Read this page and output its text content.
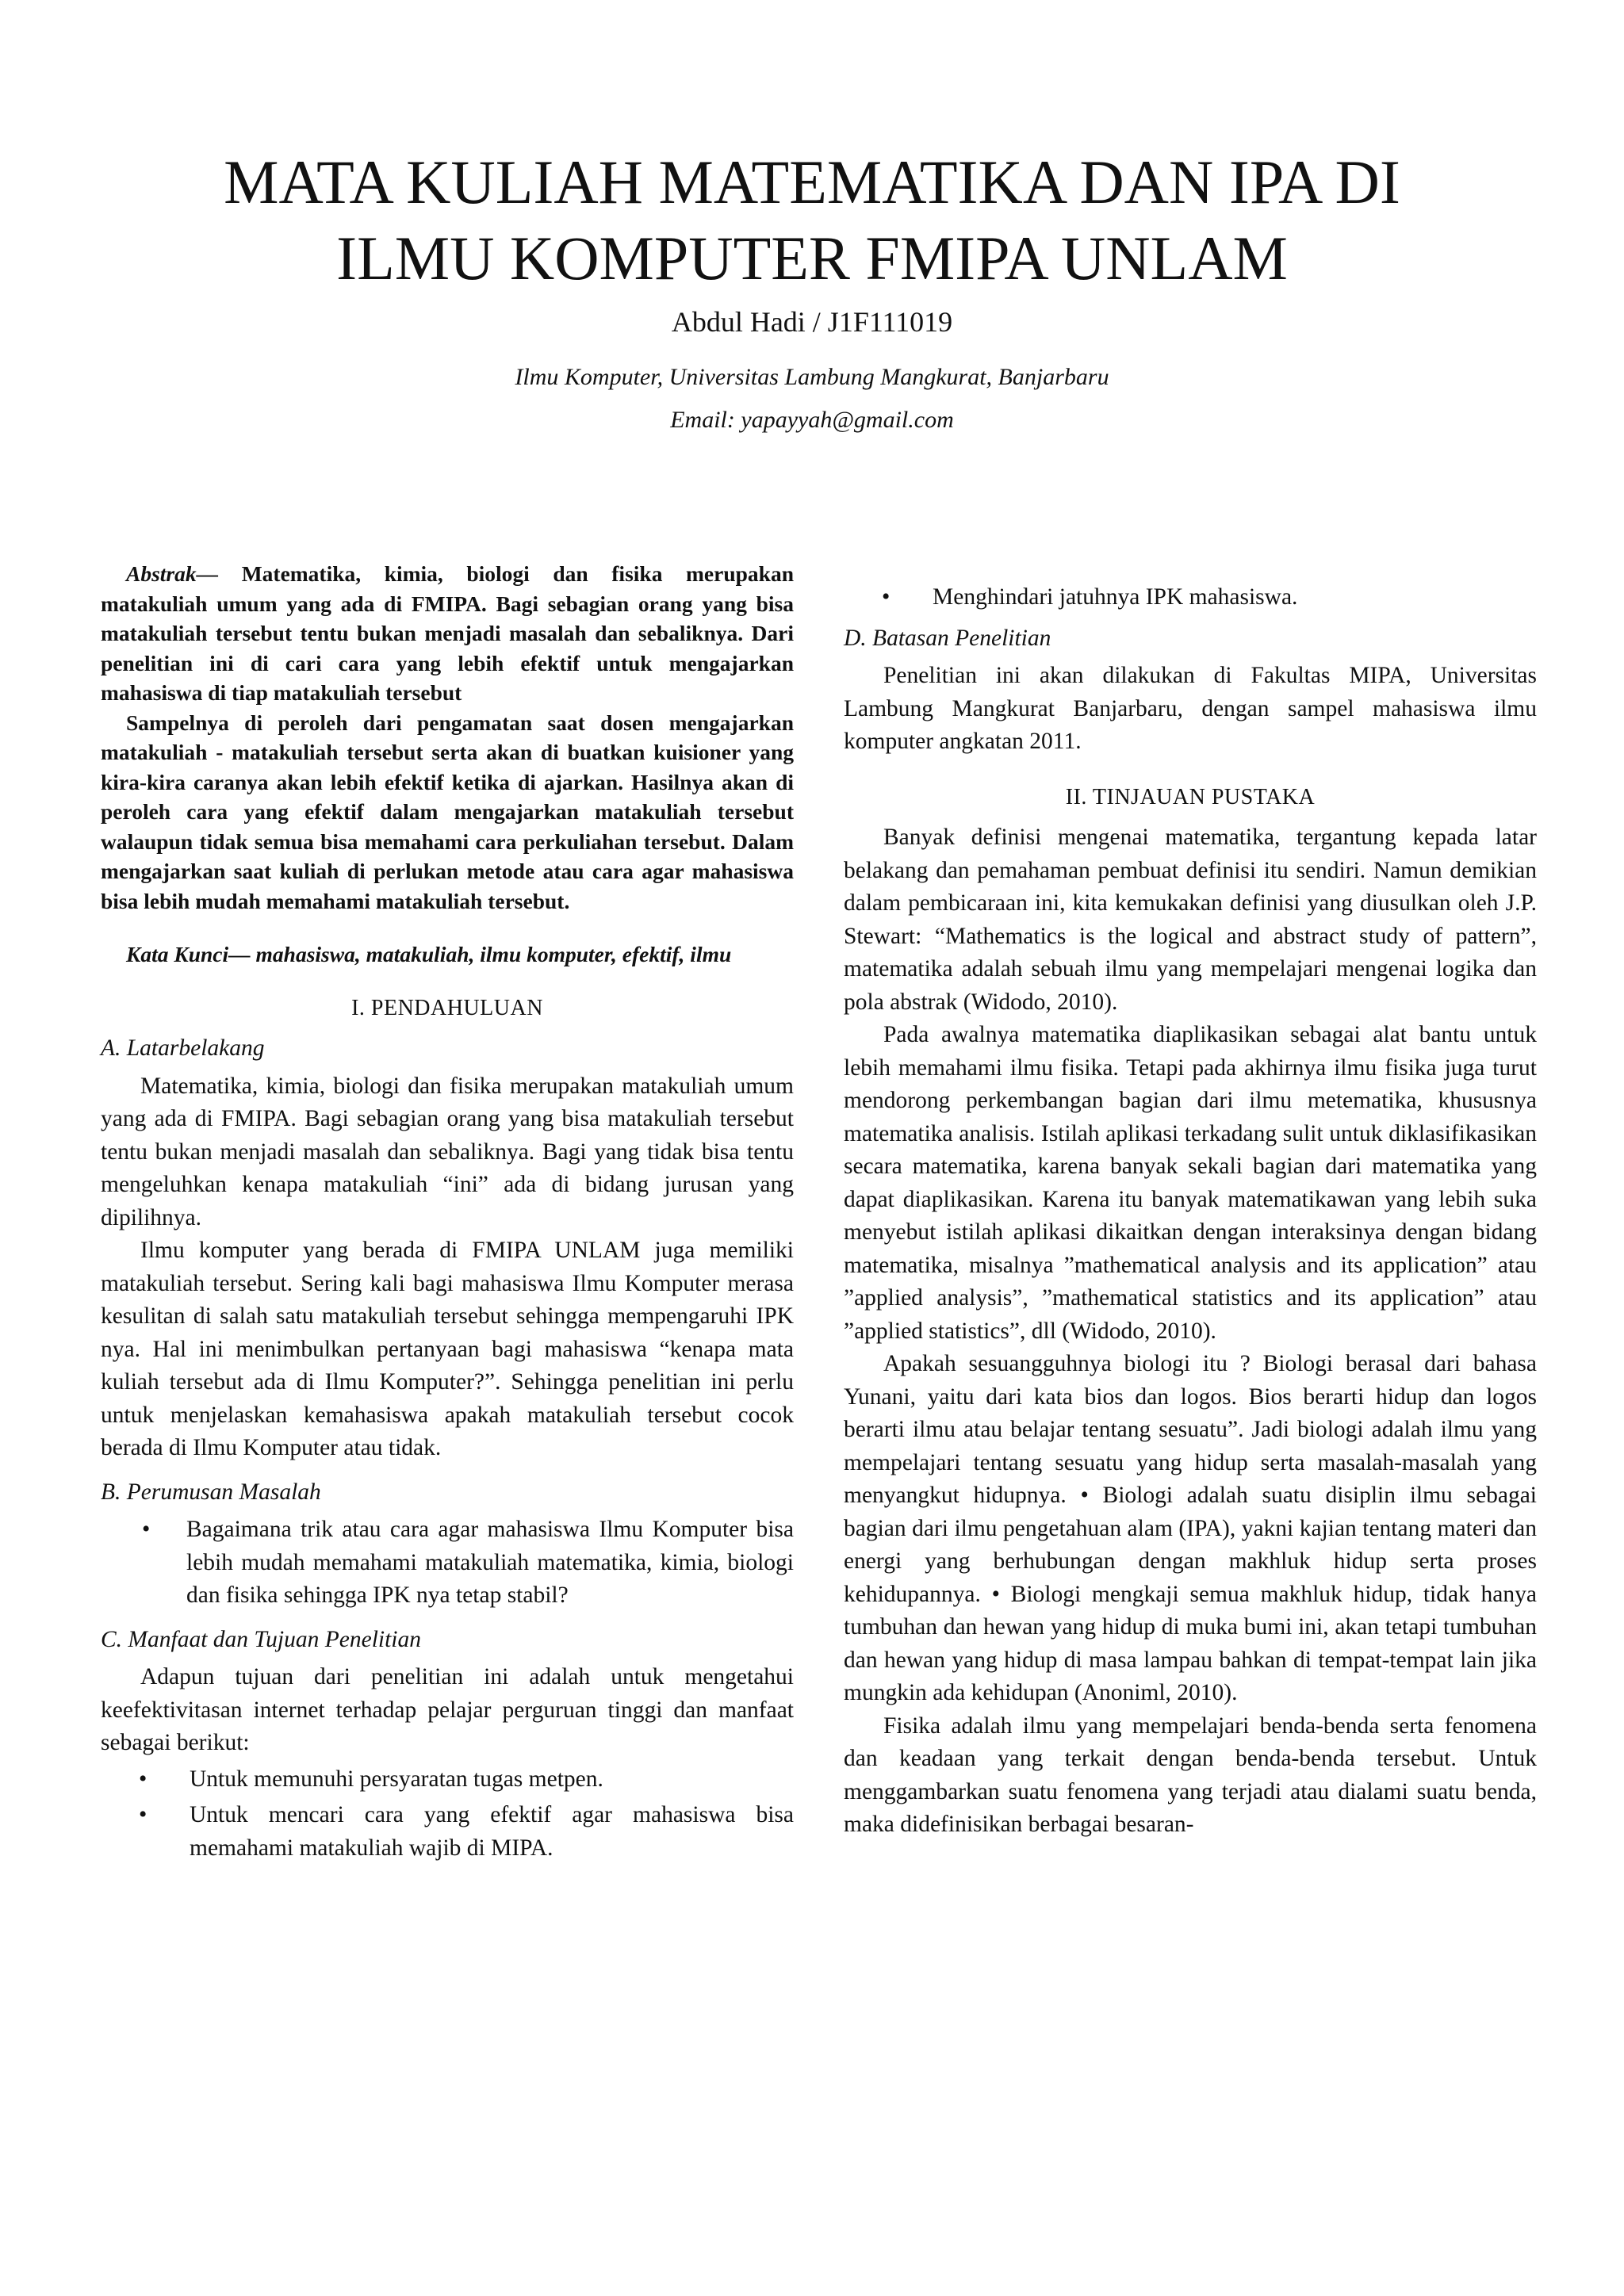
MATA KULIAH MATEMATIKA DAN IPA DI
ILMU KOMPUTER FMIPA UNLAM
Abdul Hadi / J1F111019
Ilmu Komputer, Universitas Lambung Mangkurat, Banjarbaru
Email: yapayyah@gmail.com

Abstrak— Matematika, kimia, biologi dan fisika merupakan matakuliah umum yang ada di FMIPA. Bagi sebagian orang yang bisa matakuliah tersebut tentu bukan menjadi masalah dan sebaliknya. Dari penelitian ini di cari cara yang lebih efektif untuk mengajarkan mahasiswa di tiap matakuliah tersebut

Sampelnya di peroleh dari pengamatan saat dosen mengajarkan matakuliah - matakuliah tersebut serta akan di buatkan kuisioner yang kira-kira caranya akan lebih efektif ketika di ajarkan. Hasilnya akan di peroleh cara yang efektif dalam mengajarkan matakuliah tersebut walaupun tidak semua bisa memahami cara perkuliahan tersebut. Dalam mengajarkan saat kuliah di perlukan metode atau cara agar mahasiswa bisa lebih mudah memahami matakuliah tersebut.

Kata Kunci— mahasiswa, matakuliah, ilmu komputer, efektif, ilmu

I. PENDAHULUAN
A. Latarbelakang

Matematika, kimia, biologi dan fisika merupakan matakuliah umum yang ada di FMIPA. Bagi sebagian orang yang bisa matakuliah tersebut tentu bukan menjadi masalah dan sebaliknya. Bagi yang tidak bisa tentu mengeluhkan kenapa matakuliah “ini” ada di bidang jurusan yang dipilihnya.

Ilmu komputer yang berada di FMIPA UNLAM juga memiliki matakuliah tersebut. Sering kali bagi mahasiswa Ilmu Komputer merasa kesulitan di salah satu matakuliah tersebut sehingga mempengaruhi IPK nya. Hal ini menimbulkan pertanyaan bagi mahasiswa “kenapa mata kuliah tersebut ada di Ilmu Komputer?”. Sehingga penelitian ini perlu untuk menjelaskan kemahasiswa apakah matakuliah tersebut cocok berada di Ilmu Komputer atau tidak.

B. Perumusan Masalah
•	Bagaimana trik atau cara agar mahasiswa Ilmu Komputer bisa lebih mudah memahami matakuliah matematika, kimia, biologi dan fisika sehingga IPK nya tetap stabil?
C. Manfaat dan Tujuan Penelitian

Adapun tujuan dari penelitian ini adalah untuk mengetahui keefektivitasan internet terhadap pelajar perguruan tinggi dan manfaat sebagai berikut:

• Untuk memunuhi persyaratan tugas metpen.
• Untuk mencari cara yang efektif agar mahasiswa bisa memahami matakuliah wajib di MIPA.
• Menghindari jatuhnya IPK mahasiswa.
D. Batasan Penelitian

Penelitian ini akan dilakukan di Fakultas MIPA, Universitas Lambung Mangkurat Banjarbaru, dengan sampel mahasiswa ilmu komputer angkatan 2011.

II. TINJAUAN PUSTAKA

Banyak definisi mengenai matematika, tergantung kepada latar belakang dan pemahaman pembuat definisi itu sendiri. Namun demikian dalam pembicaraan ini, kita kemukakan definisi yang diusulkan oleh J.P. Stewart: “Mathematics is the logical and abstract study of pattern”, matematika adalah sebuah ilmu yang mempelajari mengenai logika dan pola abstrak (Widodo, 2010).

Pada awalnya matematika diaplikasikan sebagai alat bantu untuk lebih memahami ilmu fisika. Tetapi pada akhirnya ilmu fisika juga turut mendorong perkembangan bagian dari ilmu metematika, khususnya matematika analisis. Istilah aplikasi terkadang sulit untuk diklasifikasikan secara matematika, karena banyak sekali bagian dari matematika yang dapat diaplikasikan. Karena itu banyak matematikawan yang lebih suka menyebut istilah aplikasi dikaitkan dengan interaksinya dengan bidang matematika, misalnya ”mathematical analysis and its application” atau ”applied analysis”, ”mathematical statistics and its application” atau ”applied statistics”, dll (Widodo, 2010).

Apakah sesuangguhnya biologi itu ? Biologi berasal dari bahasa Yunani, yaitu dari kata bios dan logos. Bios berarti hidup dan logos berarti ilmu atau belajar tentang sesuatu”. Jadi biologi adalah ilmu yang mempelajari tentang sesuatu yang hidup serta masalah-masalah yang menyangkut hidupnya. • Biologi adalah suatu disiplin ilmu sebagai bagian dari ilmu pengetahuan alam (IPA), yakni kajian tentang materi dan energi yang berhubungan dengan makhluk hidup serta proses kehidupannya. • Biologi mengkaji semua makhluk hidup, tidak hanya tumbuhan dan hewan yang hidup di muka bumi ini, akan tetapi tumbuhan dan hewan yang hidup di masa lampau bahkan di tempat-tempat lain jika mungkin ada kehidupan (Anoniml, 2010).

Fisika adalah ilmu yang mempelajari benda-benda serta fenomena dan keadaan yang terkait dengan benda-benda tersebut. Untuk menggambarkan suatu fenomena yang terjadi atau dialami suatu benda, maka didefinisikan berbagai besaran-
